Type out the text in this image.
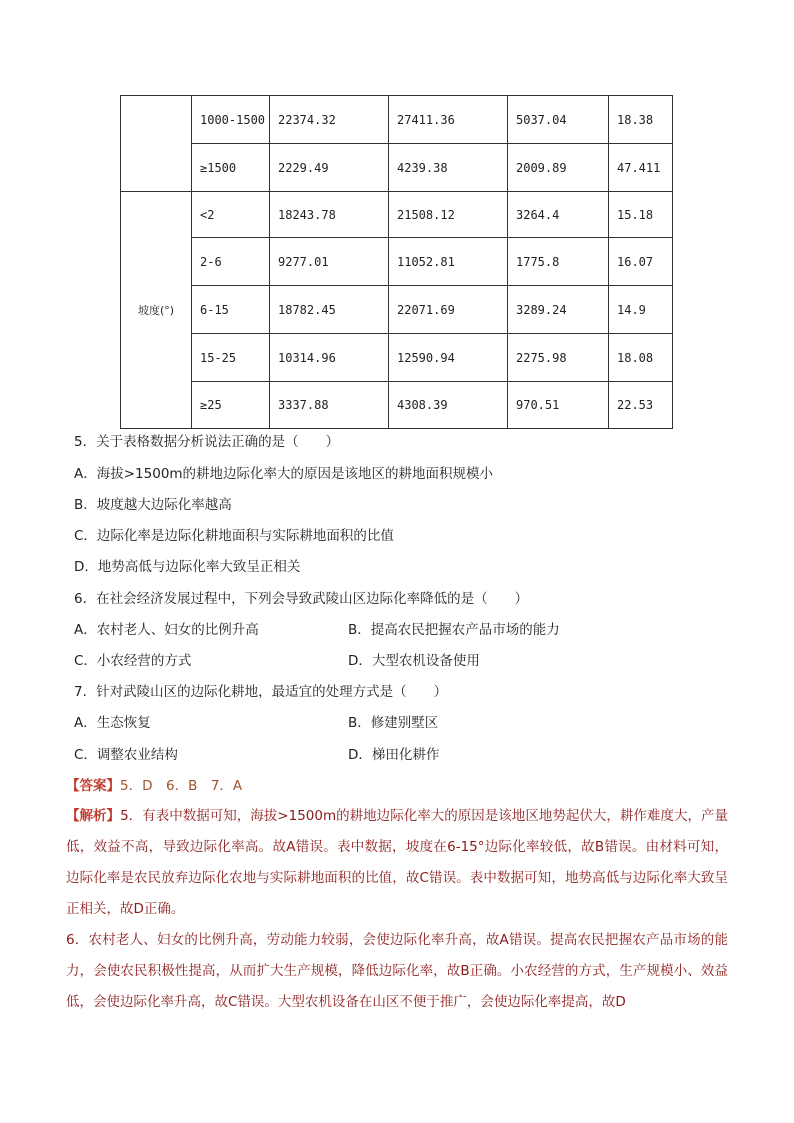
	1000-1500	22374.32	27411.36	5037.04	18.38
	≥1500	2229.49	4239.38	2009.89	47.411
坡度(°)	<2	18243.78	21508.12	3264.4	15.18
	2-6	9277.01	11052.81	1775.8	16.07
	6-15	18782.45	22071.69	3289.24	14.9
	15-25	10314.96	12590.94	2275.98	18.08
	≥25	3337.88	4308.39	970.51	22.53
5．关于表格数据分析说法正确的是（　　）
A．海拔>1500m的耕地边际化率大的原因是该地区的耕地面积规模小
B．坡度越大边际化率越高
C．边际化率是边际化耕地面积与实际耕地面积的比值
D．地势高低与边际化率大致呈正相关
6．在社会经济发展过程中，下列会导致武陵山区边际化率降低的是（　　）
A．农村老人、妇女的比例升高	B．提高农民把握农产品市场的能力
C．小农经营的方式	D．大型农机设备使用
7．针对武陵山区的边际化耕地，最适宜的处理方式是（　　）
A．生态恢复	B．修建别墅区
C．调整农业结构	D．梯田化耕作
【答案】5．D　6．B　7．A

【解析】5．有表中数据可知，海拔>1500m的耕地边际化率大的原因是该地区地势起伏大，耕作难度大，产量低，效益不高，导致边际化率高。故A错误。表中数据，坡度在6-15°边际化率较低，故B错误。由材料可知，边际化率是农民放弃边际化农地与实际耕地面积的比值，故C错误。表中数据可知，地势高低与边际化率大致呈正相关，故D正确。

6．农村老人、妇女的比例升高，劳动能力较弱，会使边际化率升高，故A错误。提高农民把握农产品市场的能力，会使农民积极性提高，从而扩大生产规模，降低边际化率，故B正确。小农经营的方式，生产规模小、效益低，会使边际化率升高，故C错误。大型农机设备在山区不便于推广，会使边际化率提高，故D
